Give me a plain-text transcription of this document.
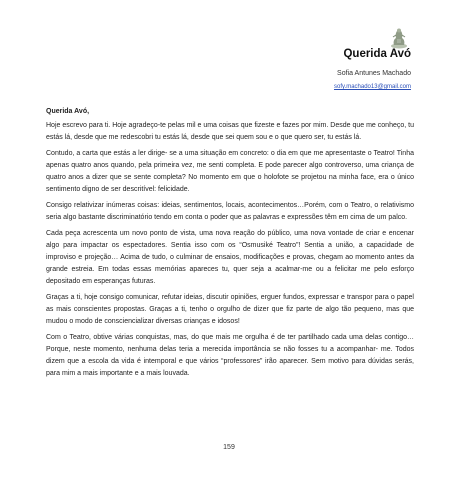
Querida Avó
Sofia Antunes Machado
sofy.machado13@gmail.com

Querida Avó,

Hoje escrevo para ti. Hoje agradeço-te pelas mil e uma coisas que fizeste e fazes por mim. Desde que me conheço, tu estás lá, desde que me redescobri tu estás lá, desde que sei quem sou e o que quero ser, tu estás lá.

Contudo, a carta que estás a ler dirige- se a uma situação em concreto: o dia em que me apresentaste o Teatro! Tinha apenas quatro anos quando, pela primeira vez, me senti completa. E pode parecer algo controverso, uma criança de quatro anos a dizer que se sente completa? No momento em que o holofote se projetou na minha face, era o único sentimento digno de ser descritível: felicidade.

Consigo relativizar inúmeras coisas: ideias, sentimentos, locais, acontecimentos…Porém, com o Teatro, o relativismo seria algo bastante discriminatório tendo em conta o poder que as palavras e expressões têm em cima de um palco.

Cada peça acrescenta um novo ponto de vista, uma nova reação do público, uma nova vontade de criar e encenar algo para impactar os espectadores. Sentia isso com os “Osmusiké Teatro”! Sentia a união, a capacidade de improviso e projeção… Acima de tudo, o culminar de ensaios, modificações e provas, chegam ao momento antes da grande estreia. Em todas essas memórias apareces tu, quer seja a acalmar-me ou a felicitar me pelo esforço depositado em esperanças futuras.

Graças a ti, hoje consigo comunicar, refutar ideias, discutir opiniões, erguer fundos, expressar e transpor para o papel as mais conscientes propostas. Graças a ti, tenho o orgulho de dizer que fiz parte de algo tão pequeno, mas que mudou o modo de consciencializar diversas crianças e idosos!

Com o Teatro, obtive várias conquistas, mas, do que mais me orgulha é de ter partilhado cada uma delas contigo… Porque, neste momento, nenhuma delas teria a merecida importância se não fosses tu a acompanhar- me. Todos dizem que a escola da vida é intemporal e que vários “professores” irão aparecer. Sem motivo para dúvidas serás, para mim a mais importante e a mais louvada.

159
